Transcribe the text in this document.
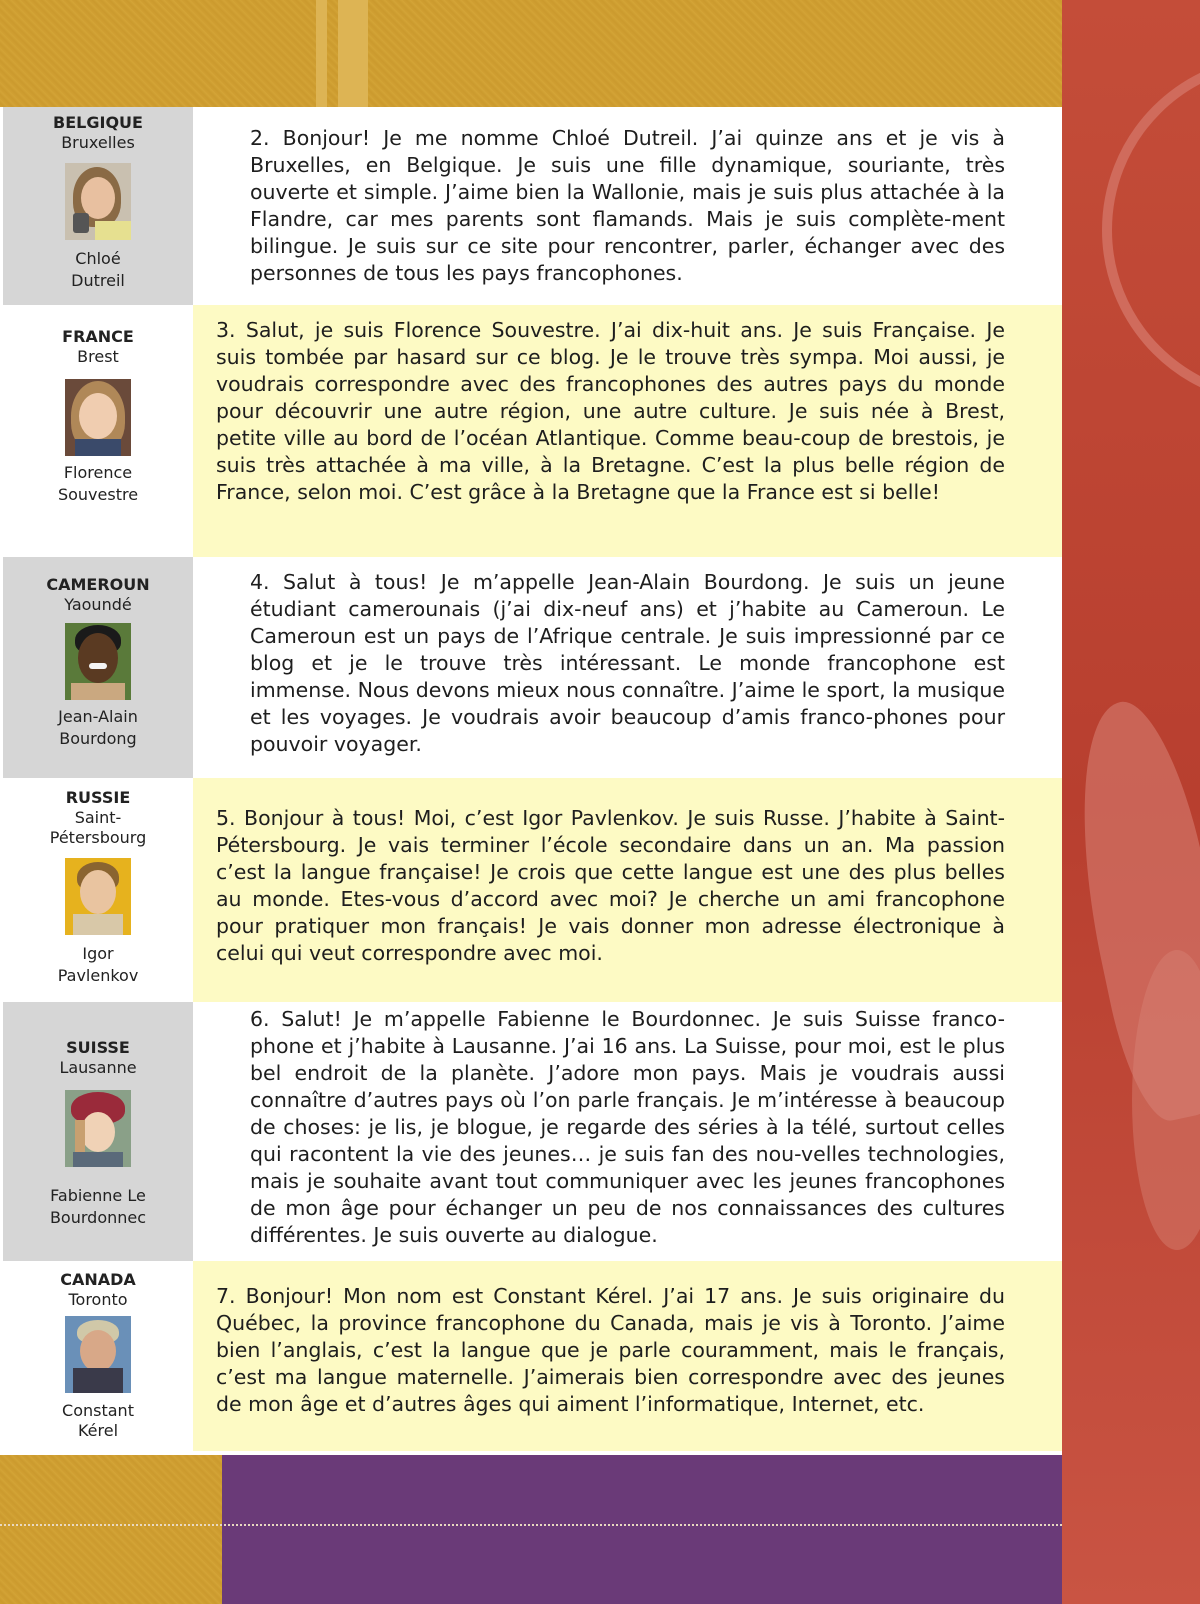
BELGIQUE
Bruxelles
Chloé
Dutreil

2. Bonjour! Je me nomme Chloé Dutreil. J’ai quinze ans et je vis à Bruxelles, en Belgique. Je suis une fille dynamique, souriante, très ouverte et simple. J’aime bien la Wallonie, mais je suis plus attachée à la Flandre, car mes parents sont flamands. Mais je suis complète-ment bilingue. Je suis sur ce site pour rencontrer, parler, échanger avec des personnes de tous les pays francophones.

FRANCE
Brest
Florence
Souvestre

3. Salut, je suis Florence Souvestre. J’ai dix-huit ans. Je suis Française. Je suis tombée par hasard sur ce blog. Je le trouve très sympa. Moi aussi, je voudrais correspondre avec des francophones des autres pays du monde pour découvrir une autre région, une autre culture. Je suis née à Brest, petite ville au bord de l’océan Atlantique. Comme beau-coup de brestois, je suis très attachée à ma ville, à la Bretagne. C’est la plus belle région de France, selon moi. C’est grâce à la Bretagne que la France est si belle!

CAMEROUN
Yaoundé
Jean-Alain
Bourdong

4. Salut à tous! Je m’appelle Jean-Alain Bourdong. Je suis un jeune étudiant camerounais (j’ai dix-neuf ans) et j’habite au Cameroun. Le Cameroun est un pays de l’Afrique centrale. Je suis impressionné par ce blog et je le trouve très intéressant. Le monde francophone est immense. Nous devons mieux nous connaître. J’aime le sport, la musique et les voyages. Je voudrais avoir beaucoup d’amis franco-phones pour pouvoir voyager.

RUSSIE
Saint-
Pétersbourg
Igor
Pavlenkov

5. Bonjour à tous! Moi, c’est Igor Pavlenkov. Je suis Russe. J’habite à Saint-Pétersbourg. Je vais terminer l’école secondaire dans un an. Ma passion c’est la langue française! Je crois que cette langue est une des plus belles au monde. Etes-vous d’accord avec moi? Je cherche un ami francophone pour pratiquer mon français! Je vais donner mon adresse électronique à celui qui veut correspondre avec moi.

SUISSE
Lausanne
Fabienne Le
Bourdonnec

6. Salut! Je m’appelle Fabienne le Bourdonnec. Je suis Suisse franco-phone et j’habite à Lausanne. J’ai 16 ans. La Suisse, pour moi, est le plus bel endroit de la planète. J’adore mon pays. Mais je voudrais aussi connaître d’autres pays où l’on parle français. Je m’intéresse à beaucoup de choses: je lis, je blogue, je regarde des séries à la télé, surtout celles qui racontent la vie des jeunes… je suis fan des nou-velles technologies, mais je souhaite avant tout communiquer avec les jeunes francophones de mon âge pour échanger un peu de nos connaissances des cultures différentes. Je suis ouverte au dialogue.

CANADA
Toronto
Constant
Kérel

7. Bonjour! Mon nom est Constant Kérel. J’ai 17 ans. Je suis originaire du Québec, la province francophone du Canada, mais je vis à Toronto. J’aime bien l’anglais, c’est la langue que je parle couramment, mais le français, c’est ma langue maternelle. J’aimerais bien correspondre avec des jeunes de mon âge et d’autres âges qui aiment l’informatique, Internet, etc.
